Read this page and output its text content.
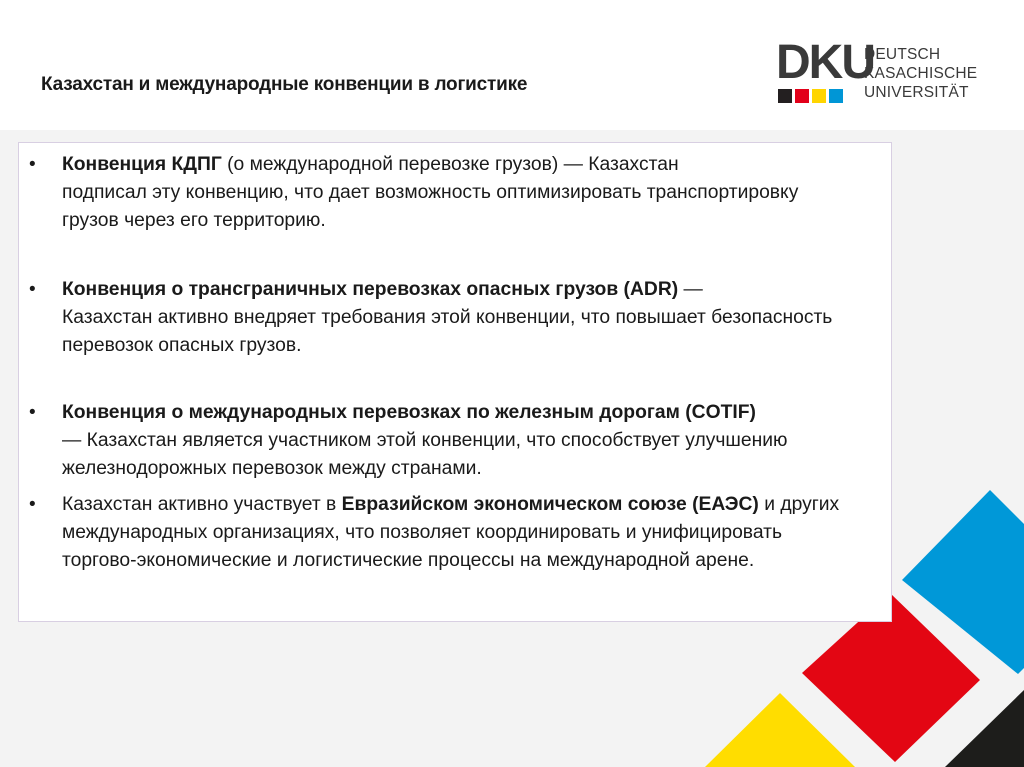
Казахстан и международные конвенции в логистике	DKU
DEUTSCH
KASACHISCHE
UNIVERSITÄT
• Конвенция КДПГ (о международной перевозке грузов) — Казахстан
подписал эту конвенцию, что дает возможность оптимизировать транспортировку грузов через его территорию.

• Конвенция о трансграничных перевозках опасных грузов (ADR) —
Казахстан активно внедряет требования этой конвенции, что повышает безопасность перевозок опасных грузов.

• Конвенция о международных перевозках по железным дорогам (COTIF)
— Казахстан является участником этой конвенции, что способствует улучшению железнодорожных перевозок между странами.

• Казахстан активно участвует в Евразийском экономическом союзе (ЕАЭС) и других международных организациях, что позволяет координировать и унифицировать торгово-экономические и логистические процессы на международной арене.
